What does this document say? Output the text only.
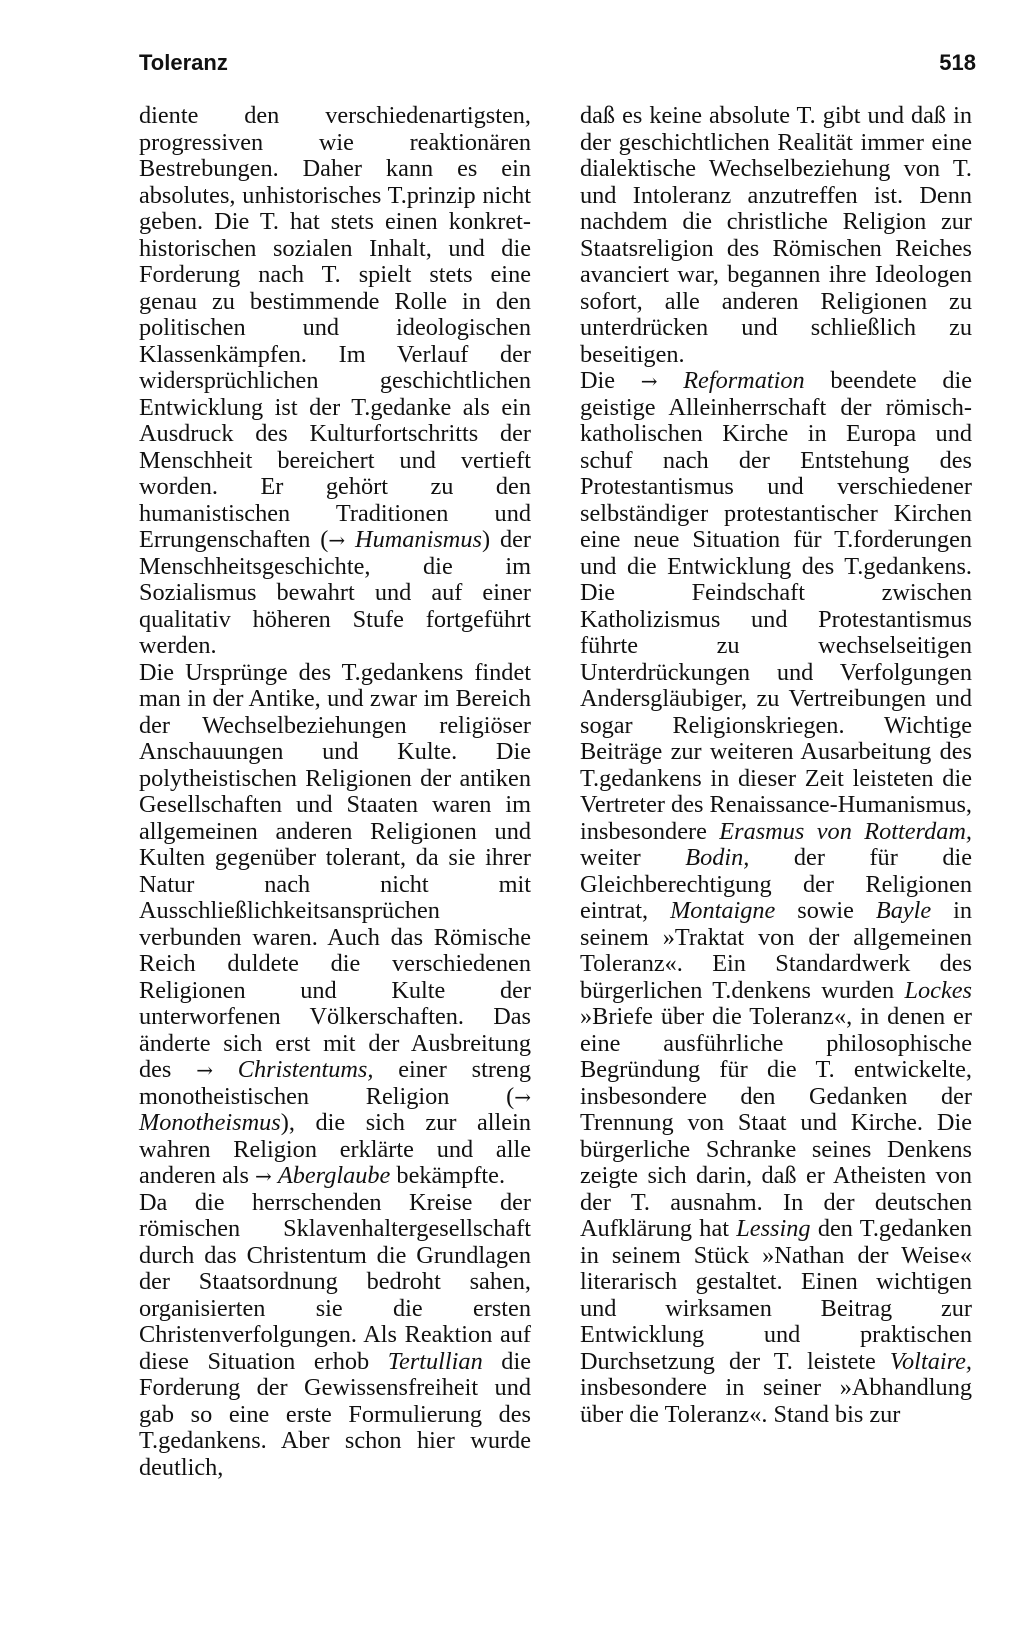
Toleranz	518

diente den verschiedenartigsten, progressiven wie reaktionären Bestrebungen. Daher kann es ein absolutes, unhistorisches T.prinzip nicht geben. Die T. hat stets einen konkret-historischen sozialen Inhalt, und die Forderung nach T. spielt stets eine genau zu bestimmende Rolle in den politischen und ideologischen Klassenkämpfen. Im Verlauf der widersprüchlichen geschichtlichen Entwicklung ist der T.gedanke als ein Ausdruck des Kulturfortschritts der Menschheit bereichert und vertieft worden. Er gehört zu den humanistischen Traditionen und Errungenschaften (→ Humanismus) der Menschheitsgeschichte, die im Sozialismus bewahrt und auf einer qualitativ höheren Stufe fortgeführt werden.

Die Ursprünge des T.gedankens findet man in der Antike, und zwar im Bereich der Wechselbeziehungen religiöser Anschauungen und Kulte. Die polytheistischen Religionen der antiken Gesellschaften und Staaten waren im allgemeinen anderen Religionen und Kulten gegenüber tolerant, da sie ihrer Natur nach nicht mit Ausschließlichkeitsansprüchen verbunden waren. Auch das Römische Reich duldete die verschiedenen Religionen und Kulte der unterworfenen Völkerschaften. Das änderte sich erst mit der Ausbreitung des → Christentums, einer streng monotheistischen Religion (→ Monotheismus), die sich zur allein wahren Religion erklärte und alle anderen als → Aberglaube bekämpfte.

Da die herrschenden Kreise der römischen Sklavenhaltergesellschaft durch das Christentum die Grundlagen der Staatsordnung bedroht sahen, organisierten sie die ersten Christenverfolgungen. Als Reaktion auf diese Situation erhob Tertullian die Forderung der Gewissensfreiheit und gab so eine erste Formulierung des T.gedankens. Aber schon hier wurde deutlich,

daß es keine absolute T. gibt und daß in der geschichtlichen Realität immer eine dialektische Wechselbeziehung von T. und Intoleranz anzutreffen ist. Denn nachdem die christliche Religion zur Staatsreligion des Römischen Reiches avanciert war, begannen ihre Ideologen sofort, alle anderen Religionen zu unterdrücken und schließlich zu beseitigen.

Die → Reformation beendete die geistige Alleinherrschaft der römisch-katholischen Kirche in Europa und schuf nach der Entstehung des Protestantismus und verschiedener selbständiger protestantischer Kirchen eine neue Situation für T.forderungen und die Entwicklung des T.gedankens. Die Feindschaft zwischen Katholizismus und Protestantismus führte zu wechselseitigen Unterdrückungen und Verfolgungen Andersgläubiger, zu Vertreibungen und sogar Religionskriegen. Wichtige Beiträge zur weiteren Ausarbeitung des T.gedankens in dieser Zeit leisteten die Vertreter des Renaissance-Humanismus, insbesondere Erasmus von Rotterdam, weiter Bodin, der für die Gleichberechtigung der Religionen eintrat, Montaigne sowie Bayle in seinem »Traktat von der allgemeinen Toleranz«. Ein Standardwerk des bürgerlichen T.denkens wurden Lockes »Briefe über die Toleranz«, in denen er eine ausführliche philosophische Begründung für die T. entwickelte, insbesondere den Gedanken der Trennung von Staat und Kirche. Die bürgerliche Schranke seines Denkens zeigte sich darin, daß er Atheisten von der T. ausnahm. In der deutschen Aufklärung hat Lessing den T.gedanken in seinem Stück »Nathan der Weise« literarisch gestaltet. Einen wichtigen und wirksamen Beitrag zur Entwicklung und praktischen Durchsetzung der T. leistete Voltaire, insbesondere in seiner »Abhandlung über die Toleranz«. Stand bis zur
